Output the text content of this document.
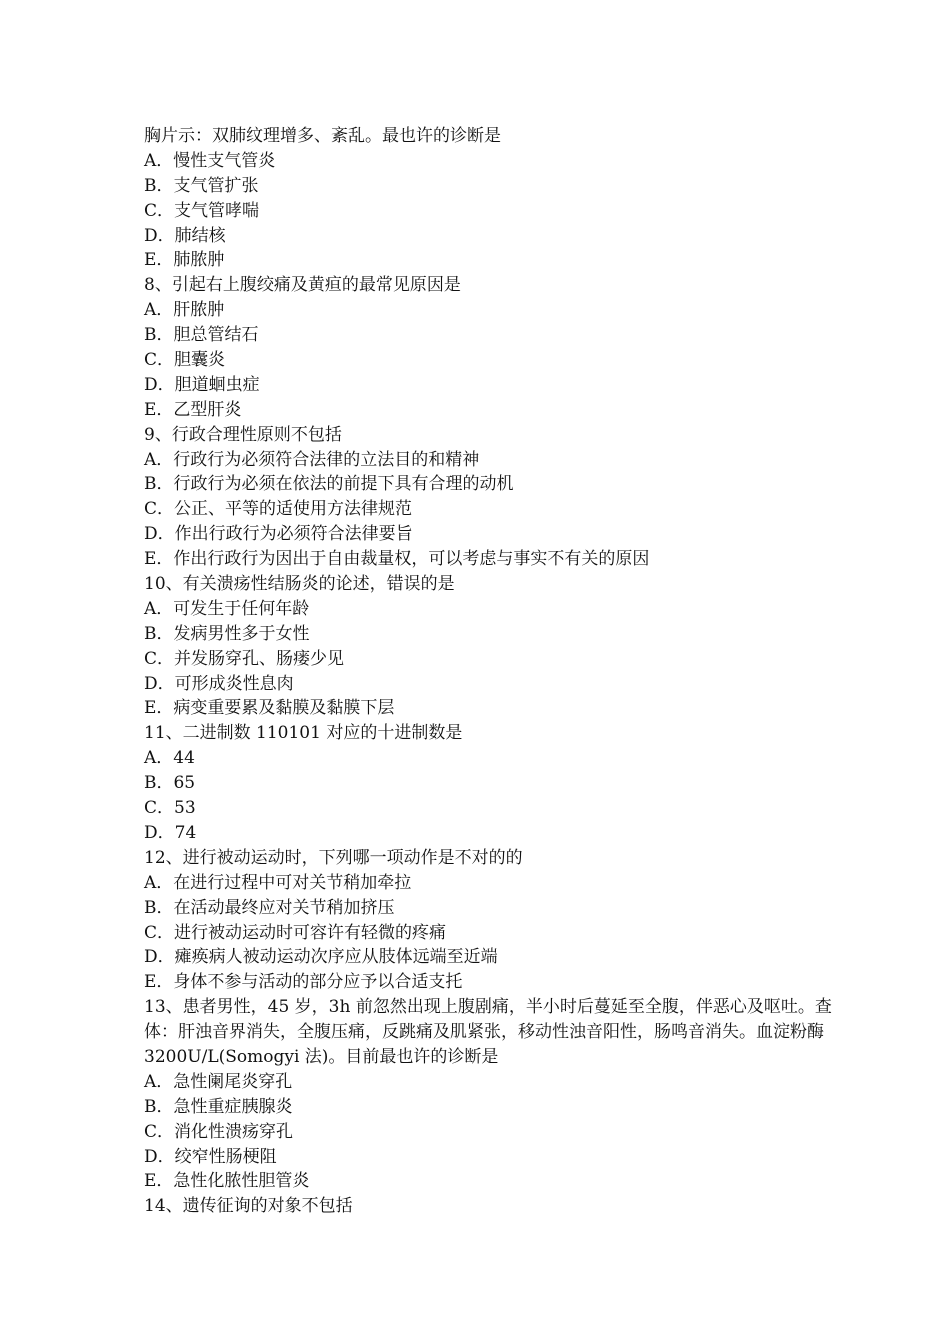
胸片示：双肺纹理增多、紊乱。最也许的诊断是
A．慢性支气管炎
B．支气管扩张
C．支气管哮喘
D．肺结核
E．肺脓肿
8、引起右上腹绞痛及黄疸的最常见原因是
A．肝脓肿
B．胆总管结石
C．胆囊炎
D．胆道蛔虫症
E．乙型肝炎
9、行政合理性原则不包括
A．行政行为必须符合法律的立法目的和精神
B．行政行为必须在依法的前提下具有合理的动机
C．公正、平等的适使用方法律规范
D．作出行政行为必须符合法律要旨
E．作出行政行为因出于自由裁量权，可以考虑与事实不有关的原因
10、有关溃疡性结肠炎的论述，错误的是
A．可发生于任何年龄
B．发病男性多于女性
C．并发肠穿孔、肠瘘少见
D．可形成炎性息肉
E．病变重要累及黏膜及黏膜下层
11、二进制数 110101 对应的十进制数是
A．44
B．65
C．53
D．74
12、进行被动运动时，下列哪一项动作是不对的的
A．在进行过程中可对关节稍加牵拉
B．在活动最终应对关节稍加挤压
C．进行被动运动时可容许有轻微的疼痛
D．瘫痪病人被动运动次序应从肢体远端至近端
E．身体不参与活动的部分应予以合适支托
13、患者男性，45 岁，3h 前忽然出现上腹剧痛，半小时后蔓延至全腹，伴恶心及呕吐。查体：肝浊音界消失，全腹压痛，反跳痛及肌紧张，移动性浊音阳性，肠鸣音消失。血淀粉酶 3200U/L(Somogyi 法)。目前最也许的诊断是
A．急性阑尾炎穿孔
B．急性重症胰腺炎
C．消化性溃疡穿孔
D．绞窄性肠梗阻
E．急性化脓性胆管炎
14、遗传征询的对象不包括
